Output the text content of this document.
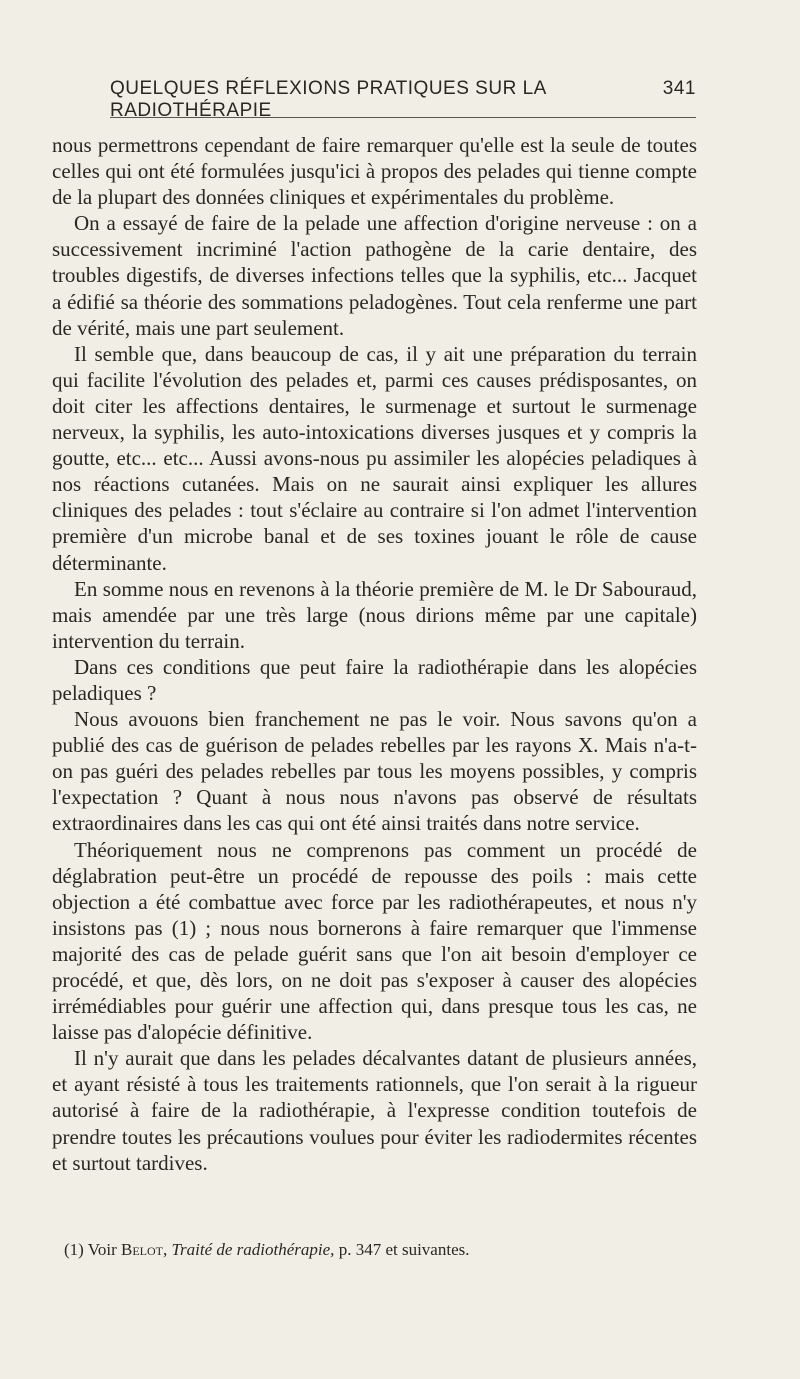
QUELQUES RÉFLEXIONS PRATIQUES SUR LA RADIOTHÉRAPIE
341

nous permettrons cependant de faire remarquer qu'elle est la seule de toutes celles qui ont été formulées jusqu'ici à propos des pelades qui tienne compte de la plupart des données cliniques et expérimentales du problème.

On a essayé de faire de la pelade une affection d'origine nerveuse : on a successivement incriminé l'action pathogène de la carie dentaire, des troubles digestifs, de diverses infections telles que la syphilis, etc... Jacquet a édifié sa théorie des sommations peladogènes. Tout cela renferme une part de vérité, mais une part seulement.

Il semble que, dans beaucoup de cas, il y ait une préparation du terrain qui facilite l'évolution des pelades et, parmi ces causes prédisposantes, on doit citer les affections dentaires, le surmenage et surtout le surmenage nerveux, la syphilis, les auto-intoxications diverses jusques et y compris la goutte, etc... etc... Aussi avons-nous pu assimiler les alopécies peladiques à nos réactions cutanées. Mais on ne saurait ainsi expliquer les allures cliniques des pelades : tout s'éclaire au contraire si l'on admet l'intervention première d'un microbe banal et de ses toxines jouant le rôle de cause déterminante.

En somme nous en revenons à la théorie première de M. le Dr Sabouraud, mais amendée par une très large (nous dirions même par une capitale) intervention du terrain.

Dans ces conditions que peut faire la radiothérapie dans les alopécies peladiques ?

Nous avouons bien franchement ne pas le voir. Nous savons qu'on a publié des cas de guérison de pelades rebelles par les rayons X. Mais n'a-t-on pas guéri des pelades rebelles par tous les moyens possibles, y compris l'expectation ? Quant à nous nous n'avons pas observé de résultats extraordinaires dans les cas qui ont été ainsi traités dans notre service.

Théoriquement nous ne comprenons pas comment un procédé de déglabration peut-être un procédé de repousse des poils : mais cette objection a été combattue avec force par les radiothérapeutes, et nous n'y insistons pas (1) ; nous nous bornerons à faire remarquer que l'immense majorité des cas de pelade guérit sans que l'on ait besoin d'employer ce procédé, et que, dès lors, on ne doit pas s'exposer à causer des alopécies irrémédiables pour guérir une affection qui, dans presque tous les cas, ne laisse pas d'alopécie définitive.

Il n'y aurait que dans les pelades décalvantes datant de plusieurs années, et ayant résisté à tous les traitements rationnels, que l'on serait à la rigueur autorisé à faire de la radiothérapie, à l'expresse condition toutefois de prendre toutes les précautions voulues pour éviter les radiodermites récentes et surtout tardives.

(1) Voir Belot, Traité de radiothérapie, p. 347 et suivantes.
